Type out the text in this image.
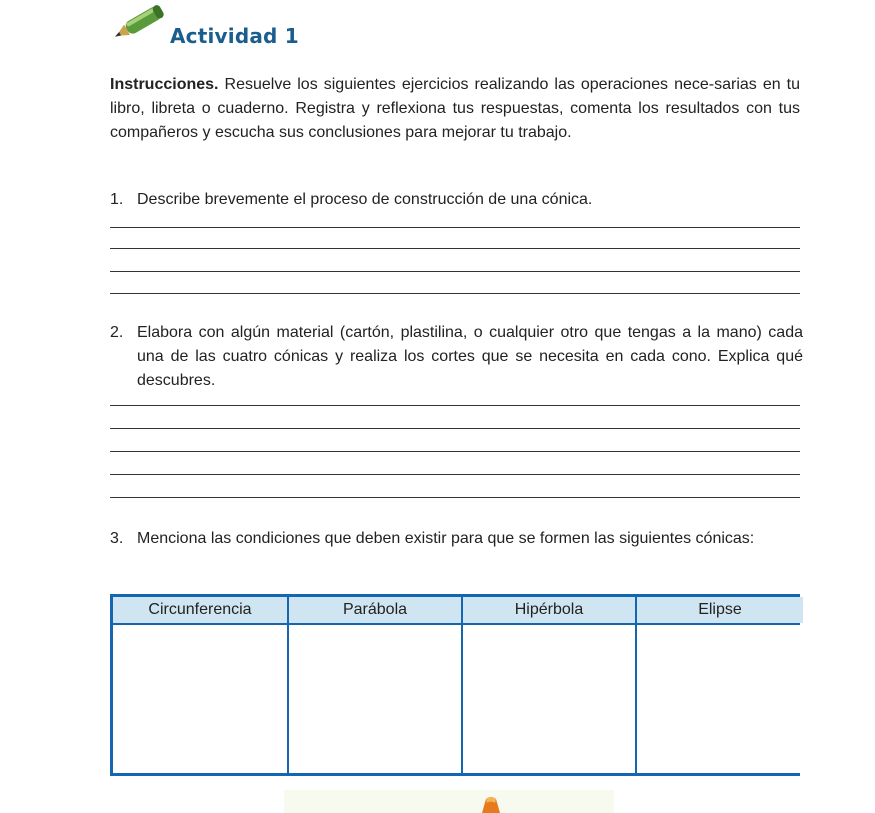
Actividad 1
Instrucciones. Resuelve los siguientes ejercicios realizando las operaciones nece-sarias en tu libro, libreta o cuaderno. Registra y reflexiona tus respuestas, comenta los resultados con tus compañeros y escucha sus conclusiones para mejorar tu trabajo.
1. Describe brevemente el proceso de construcción de una cónica.
2. Elabora con algún material (cartón, plastilina, o cualquier otro que tengas a la mano) cada una de las cuatro cónicas y realiza los cortes que se necesita en cada cono. Explica qué descubres.
3. Menciona las condiciones que deben existir para que se formen las siguientes cónicas:
Circunferencia	Parábola	Hipérbola	Elipse
